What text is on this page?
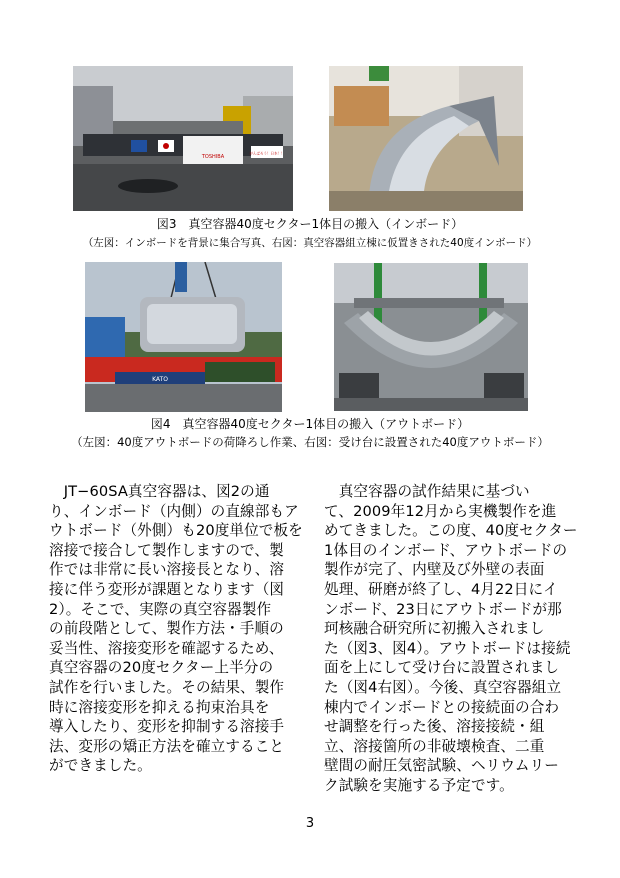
TOSHIBA
がんばろう！日本！！
図3　真空容器40度セクター1体目の搬入（インボード）
（左図：インボードを背景に集合写真、右図：真空容器組立棟に仮置きされた40度インボード）
KATO
図4　真空容器40度セクター1体目の搬入（アウトボード）
（左図：40度アウトボードの荷降ろし作業、右図：受け台に設置された40度アウトボード）

　JT−60SA真空容器は、図2の通

り、インボード（内側）の直線部もア

ウトボード（外側）も20度単位で板を

溶接で接合して製作しますので、製

作では非常に長い溶接長となり、溶

接に伴う変形が課題となります（図

2）。そこで、実際の真空容器製作

の前段階として、製作方法・手順の

妥当性、溶接変形を確認するため、

真空容器の20度セクター上半分の

試作を行いました。その結果、製作

時に溶接変形を抑える拘束治具を

導入したり、変形を抑制する溶接手

法、変形の矯正方法を確立すること

ができました。

　真空容器の試作結果に基づい

て、2009年12月から実機製作を進

めてきました。この度、40度セクター

1体目のインボード、アウトボードの

製作が完了、内壁及び外壁の表面

処理、研磨が終了し、4月22日にイ

ンボード、23日にアウトボードが那

珂核融合研究所に初搬入されまし

た（図3、図4）。アウトボードは接続

面を上にして受け台に設置されまし

た（図4右図）。今後、真空容器組立

棟内でインボードとの接続面の合わ

せ調整を行った後、溶接接続・組

立、溶接箇所の非破壊検査、二重

壁間の耐圧気密試験、ヘリウムリー

ク試験を実施する予定です。

3
